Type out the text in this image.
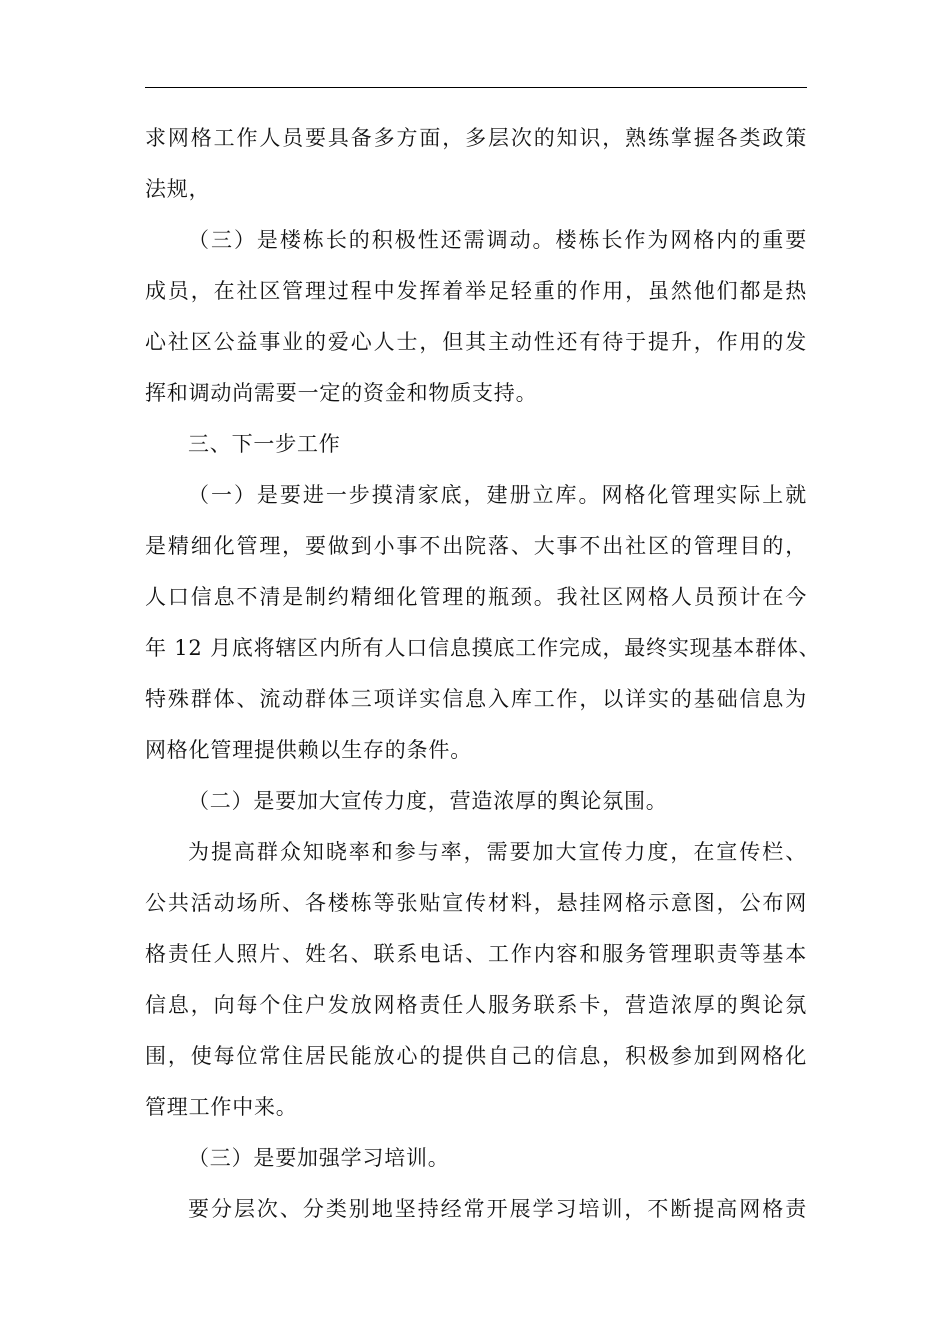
求网格工作人员要具备多方面，多层次的知识，熟练掌握各类政策
法规，
（三）是楼栋长的积极性还需调动。楼栋长作为网格内的重要
成员，在社区管理过程中发挥着举足轻重的作用，虽然他们都是热
心社区公益事业的爱心人士，但其主动性还有待于提升，作用的发
挥和调动尚需要一定的资金和物质支持。
三、下一步工作
（一）是要进一步摸清家底，建册立库。网格化管理实际上就
是精细化管理，要做到小事不出院落、大事不出社区的管理目的，
人口信息不清是制约精细化管理的瓶颈。我社区网格人员预计在今
年 12 月底将辖区内所有人口信息摸底工作完成，最终实现基本群体、
特殊群体、流动群体三项详实信息入库工作，以详实的基础信息为
网格化管理提供赖以生存的条件。
（二）是要加大宣传力度，营造浓厚的舆论氛围。
为提高群众知晓率和参与率，需要加大宣传力度，在宣传栏、
公共活动场所、各楼栋等张贴宣传材料，悬挂网格示意图，公布网
格责任人照片、姓名、联系电话、工作内容和服务管理职责等基本
信息，向每个住户发放网格责任人服务联系卡，营造浓厚的舆论氛
围，使每位常住居民能放心的提供自己的信息，积极参加到网格化
管理工作中来。
（三）是要加强学习培训。
要分层次、分类别地坚持经常开展学习培训，不断提高网格责
